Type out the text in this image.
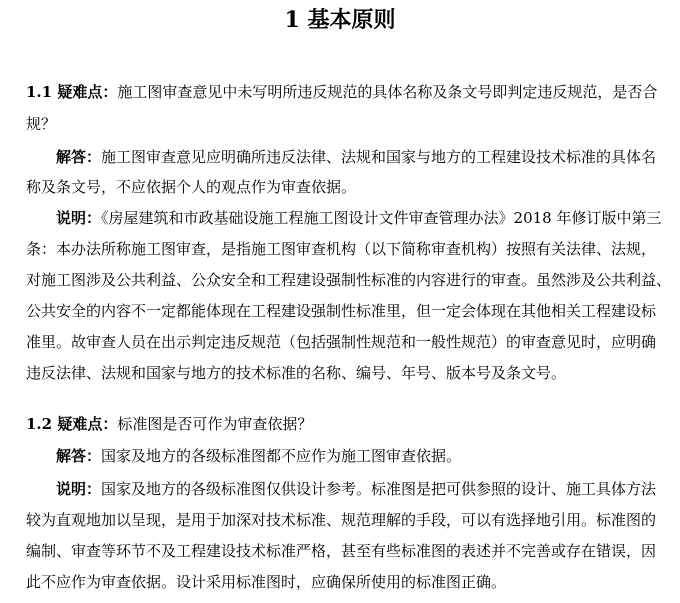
1 基本原则
1.1 疑难点：施工图审查意见中未写明所违反规范的具体名称及条文号即判定违反规范，是否合
规？
解答：施工图审查意见应明确所违反法律、法规和国家与地方的工程建设技术标准的具体名
称及条文号，不应依据个人的观点作为审查依据。
说明：《房屋建筑和市政基础设施工程施工图设计文件审查管理办法》2018 年修订版中第三
条：本办法所称施工图审查，是指施工图审查机构（以下简称审查机构）按照有关法律、法规，
对施工图涉及公共利益、公众安全和工程建设强制性标准的内容进行的审查。虽然涉及公共利益、
公共安全的内容不一定都能体现在工程建设强制性标准里，但一定会体现在其他相关工程建设标
准里。故审查人员在出示判定违反规范（包括强制性规范和一般性规范）的审查意见时，应明确
违反法律、法规和国家与地方的技术标准的名称、编号、年号、版本号及条文号。
1.2 疑难点：标准图是否可作为审查依据？
解答：国家及地方的各级标准图都不应作为施工图审查依据。
说明：国家及地方的各级标准图仅供设计参考。标准图是把可供参照的设计、施工具体方法
较为直观地加以呈现，是用于加深对技术标准、规范理解的手段，可以有选择地引用。标准图的
编制、审查等环节不及工程建设技术标准严格，甚至有些标准图的表述并不完善或存在错误，因
此不应作为审查依据。设计采用标准图时，应确保所使用的标准图正确。
